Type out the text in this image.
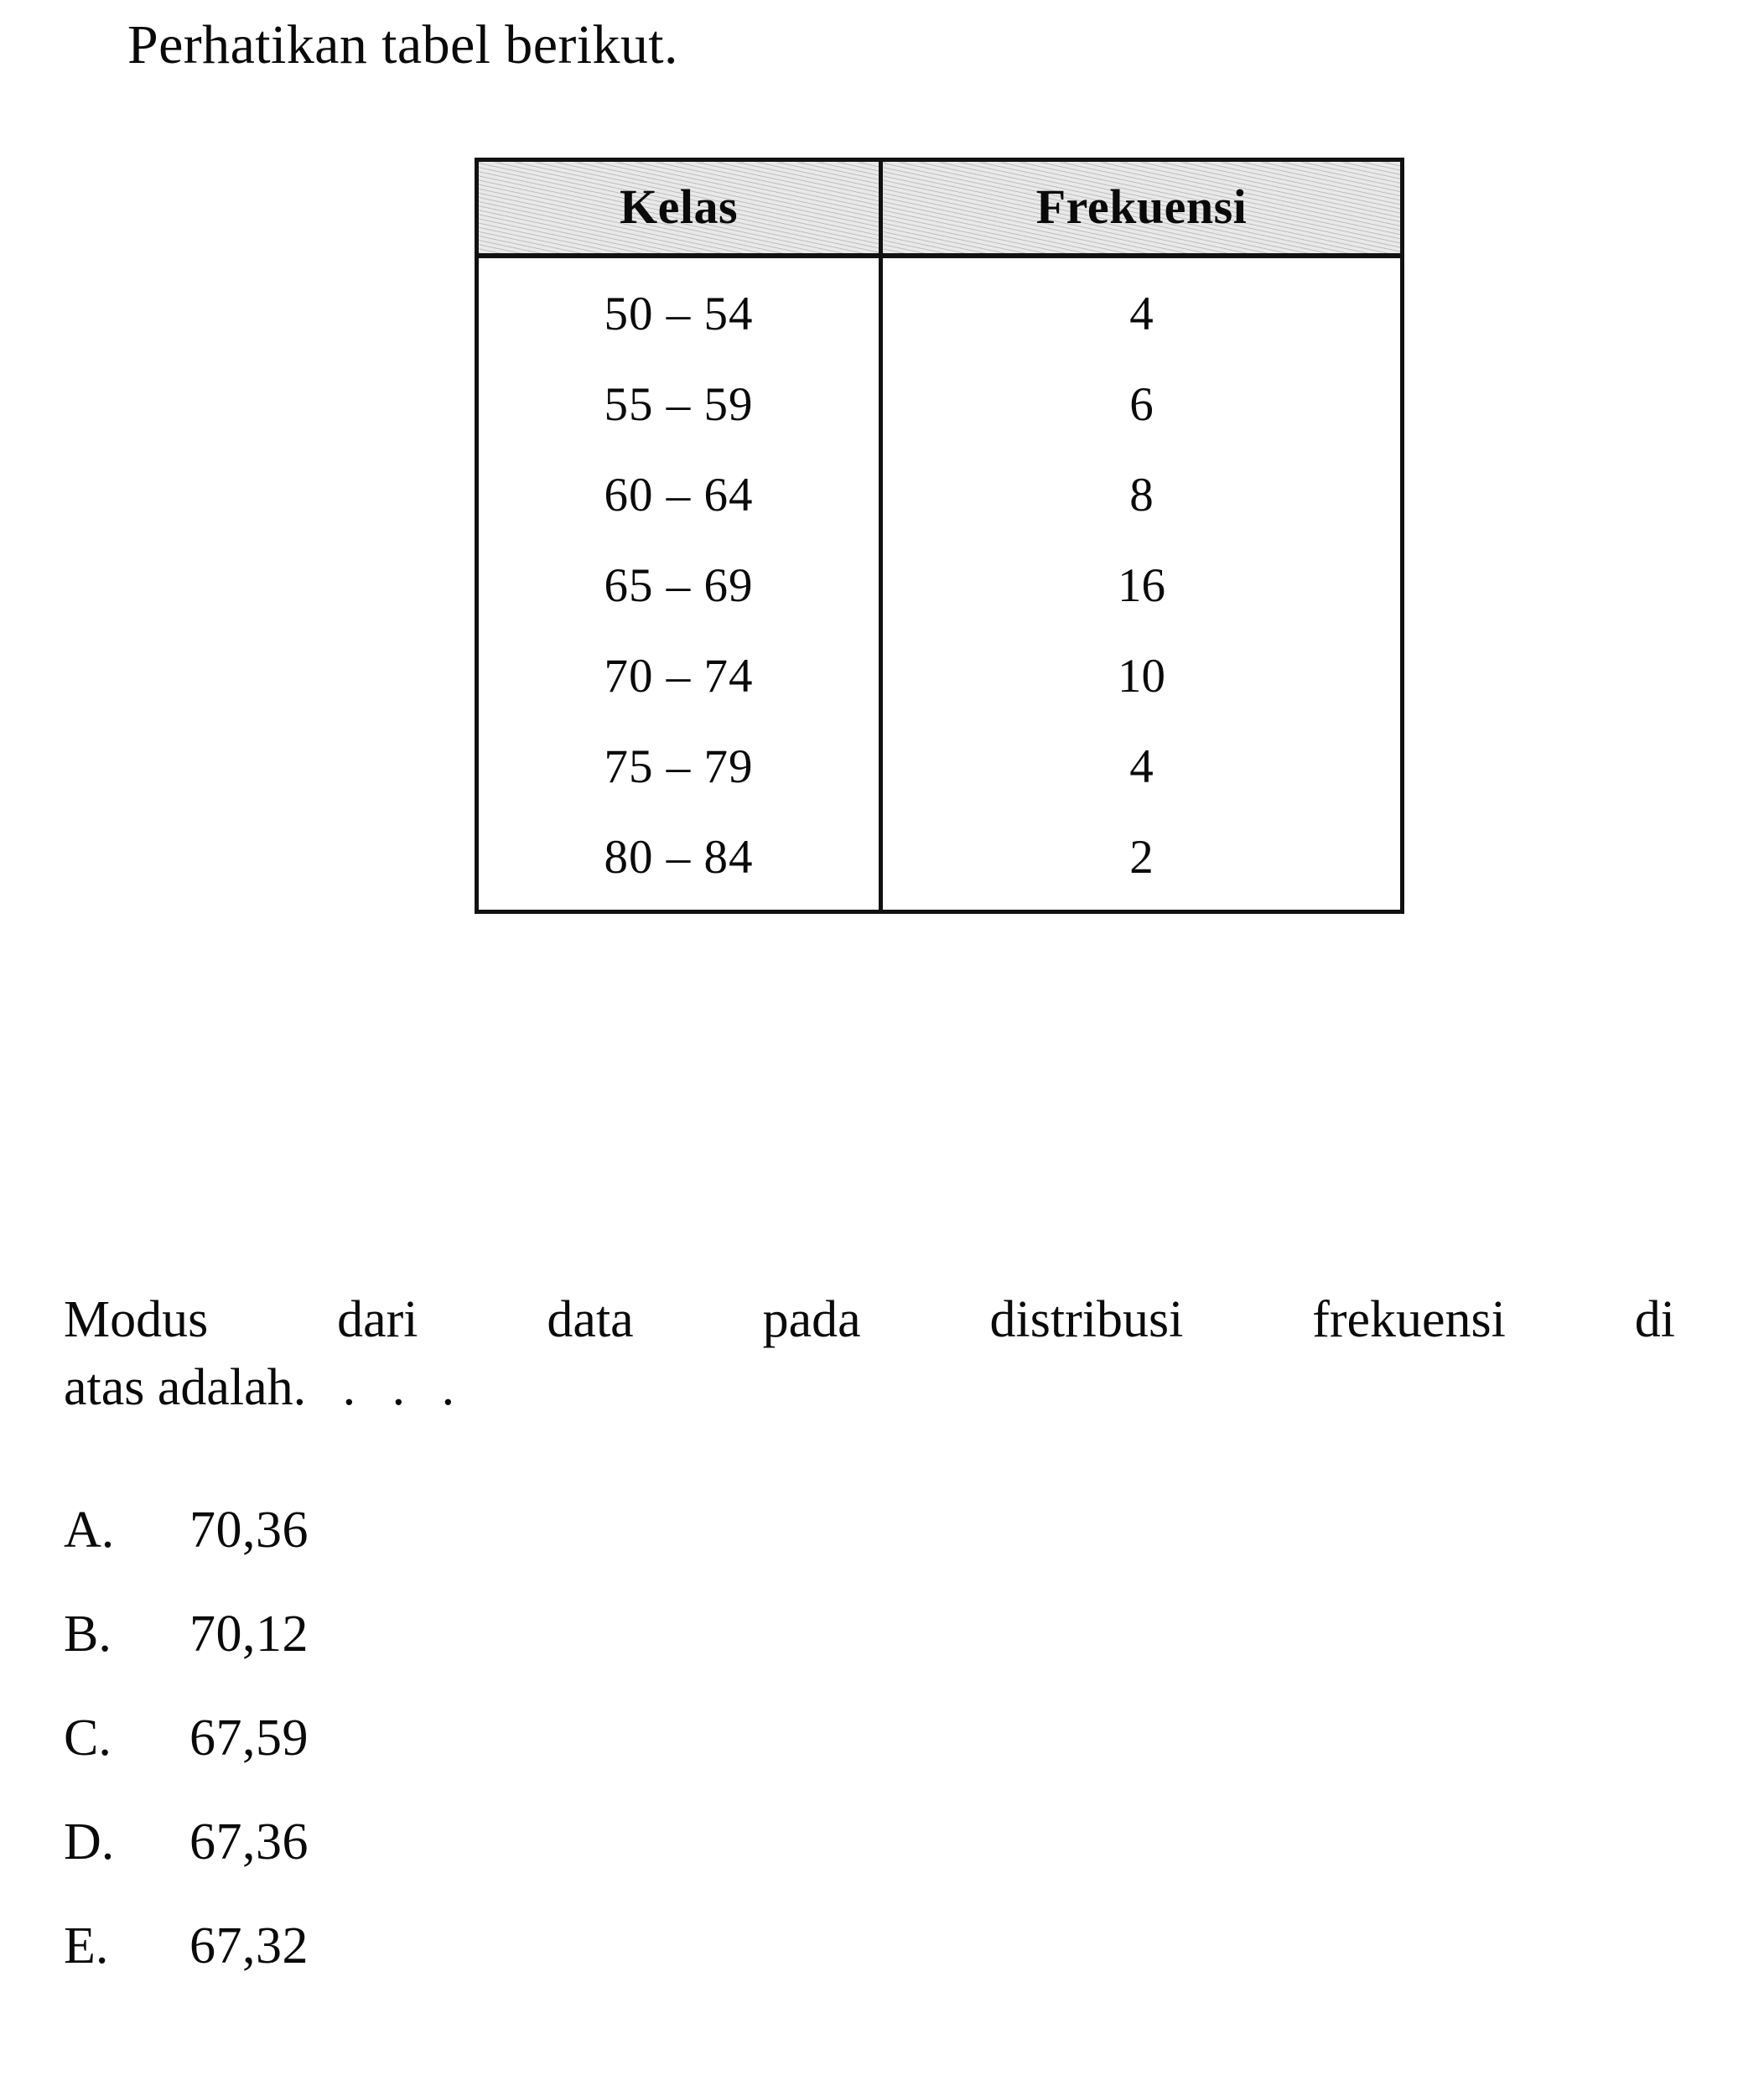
Perhatikan tabel berikut.
Kelas	Frekuensi
50 – 54	4
55 – 59	6
60 – 64	8
65 – 69	16
70 – 74	10
75 – 79	4
80 – 84	2
Modus dari data pada distribusi frekuensi di
atas adalah. . . .
A.	70,36
B.	70,12
C.	67,59
D.	67,36
E.	67,32
